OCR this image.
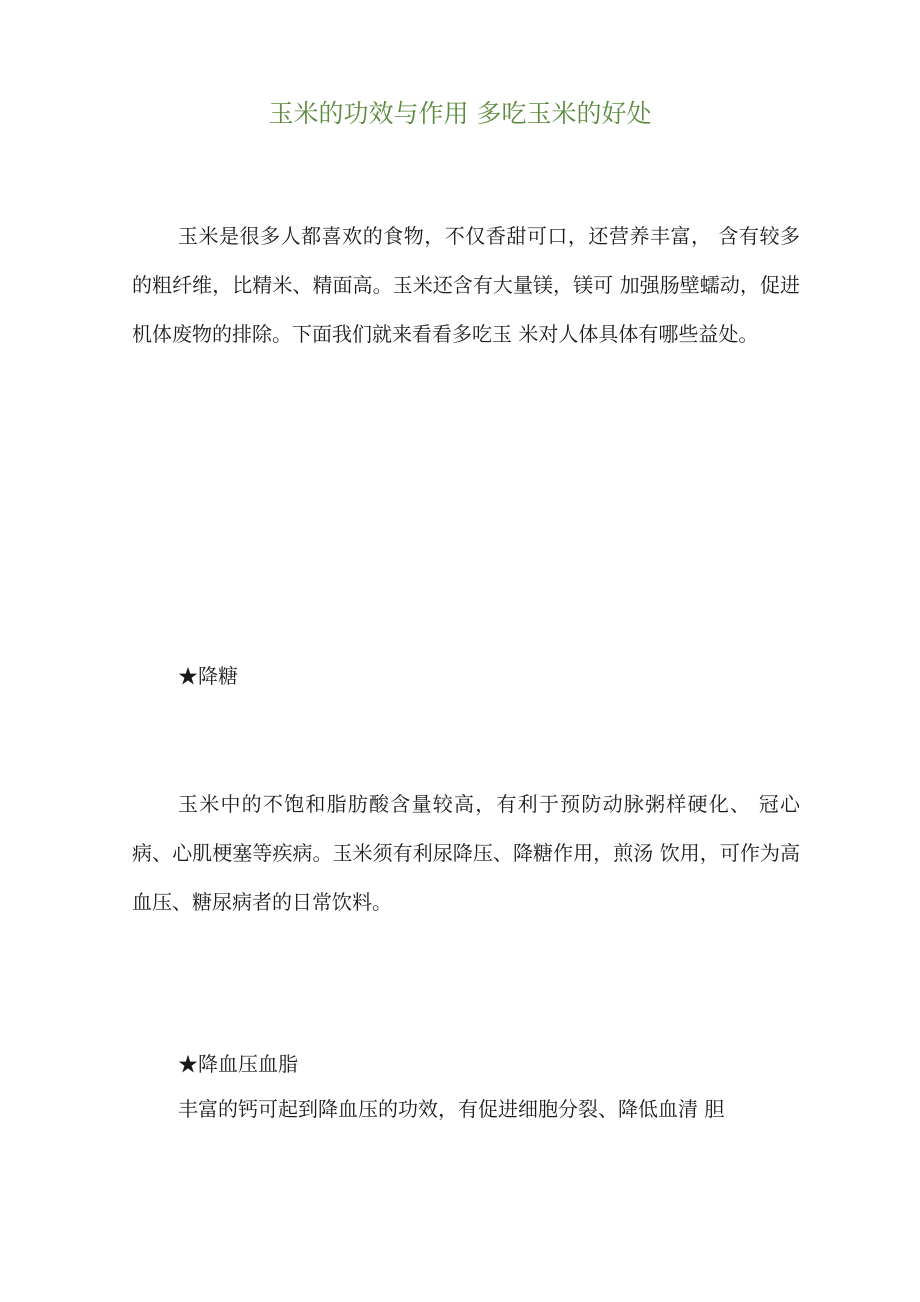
玉米的功效与作用 多吃玉米的好处

玉米是很多人都喜欢的食物，不仅香甜可口，还营养丰富， 含有较多的粗纤维，比精米、精面高。玉米还含有大量镁，镁可 加强肠壁蠕动，促进机体废物的排除。下面我们就来看看多吃玉 米对人体具体有哪些益处。

★降糖

玉米中的不饱和脂肪酸含量较高，有利于预防动脉粥样硬化、 冠心病、心肌梗塞等疾病。玉米须有利尿降压、降糖作用，煎汤 饮用，可作为高血压、糖尿病者的日常饮料。

★降血压血脂

丰富的钙可起到降血压的功效，有促进细胞分裂、降低血清 胆
